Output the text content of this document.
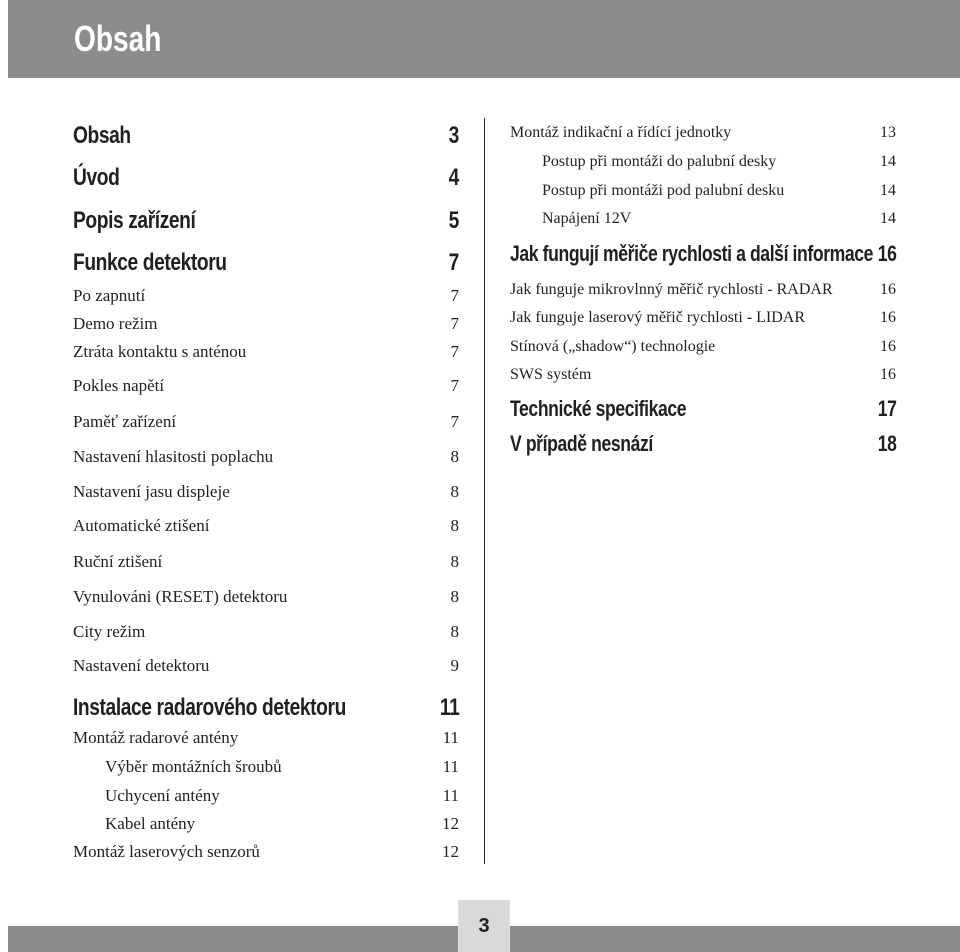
Obsah
Obsah	3
Úvod	4
Popis zařízení	5
Funkce detektoru	7
Po zapnutí	7
Demo režim	7
Ztráta kontaktu s anténou	7
Pokles napětí	7
Paměť zařízení	7
Nastavení hlasitosti poplachu	8
Nastavení jasu displeje	8
Automatické ztišení	8
Ruční ztišení	8
Vynulováni (RESET) detektoru	8
City režim	8
Nastavení detektoru	9
Instalace radarového detektoru	11
Montáž radarové antény	11
Výběr montážních šroubů	11
Uchycení antény	11
Kabel antény	12
Montáž laserových senzorů	12
Montáž indikační a řídící jednotky	13
Postup při montáži do palubní desky	14
Postup při montáži pod palubní desku	14
Napájení 12V	14
Jak fungují měřiče rychlosti a další informace 16
Jak funguje mikrovlnný měřič rychlosti - RADAR	16
Jak funguje laserový měřič rychlosti - LIDAR	16
Stínová („shadow“) technologie	16
SWS systém	16
Technické specifikace	17
V případě nesnází	18
3
